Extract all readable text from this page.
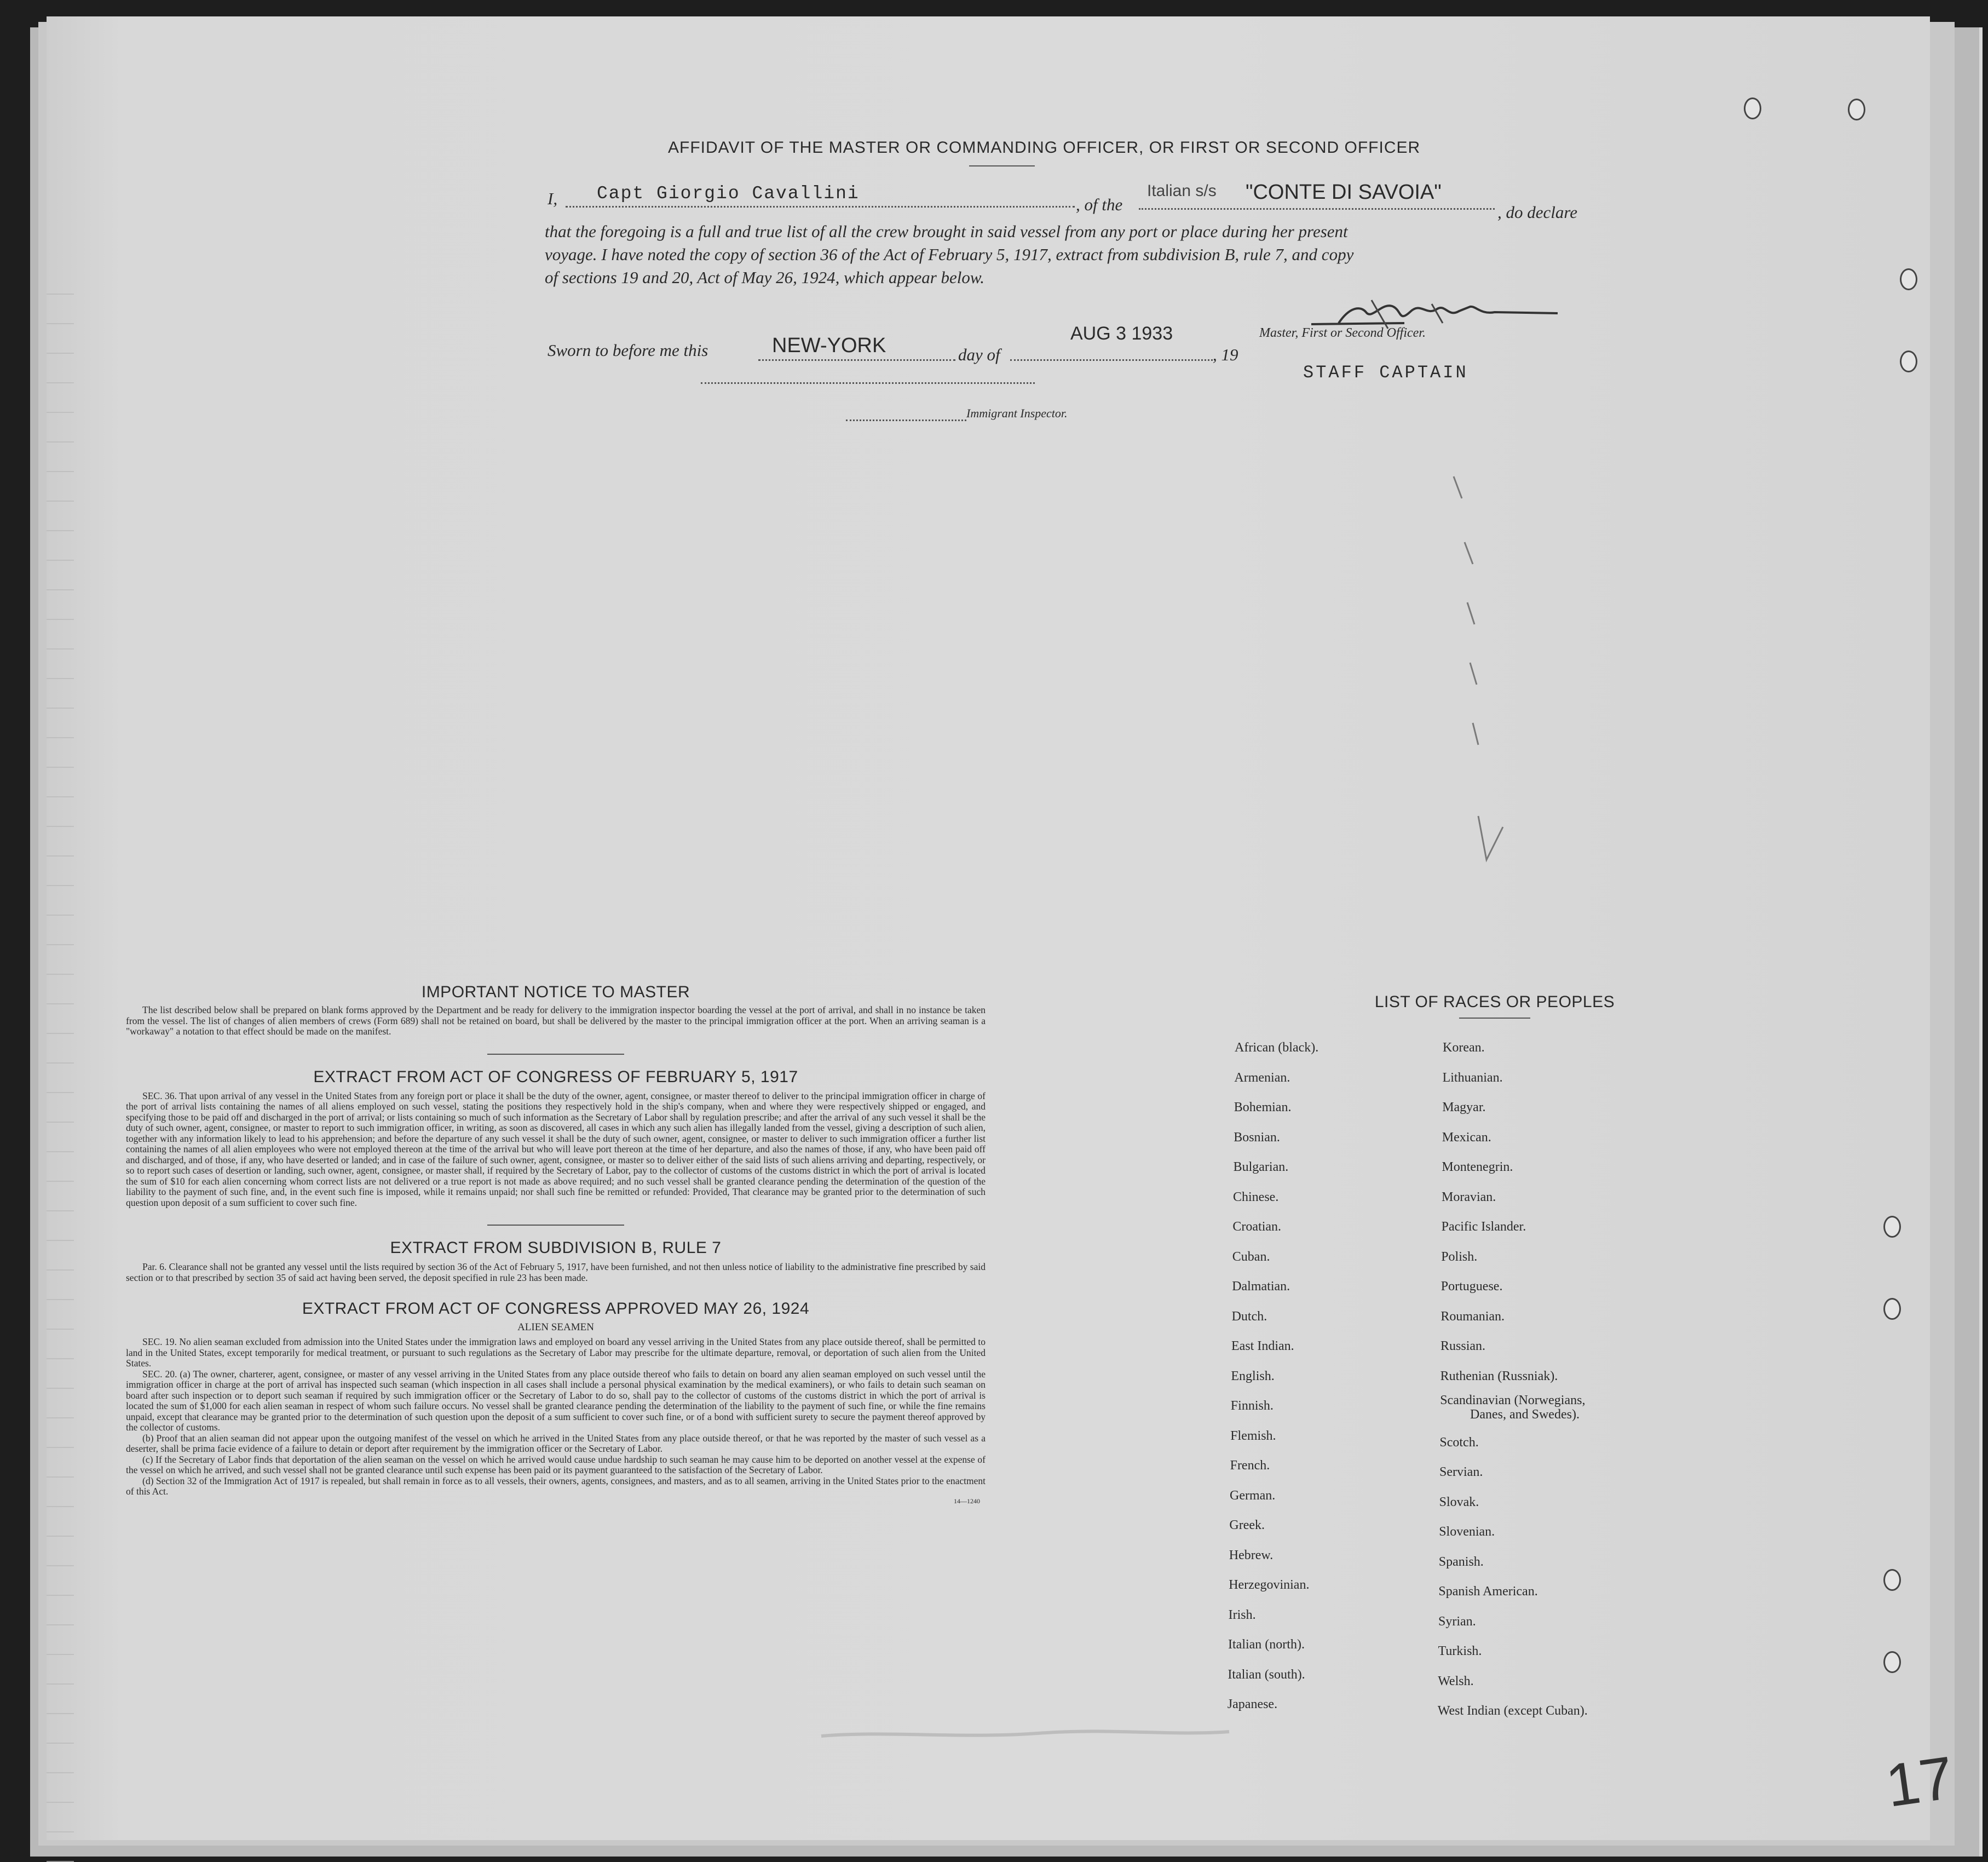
AFFIDAVIT OF THE MASTER OR COMMANDING OFFICER, OR FIRST OR SECOND OFFICER
I, Capt Giorgio Cavallini
, of the
Italian s/s "CONTE DI SAVOIA"
, do declare
that the foregoing is a full and true list of all the crew brought in said vessel from any port or place during her present
voyage. I have noted the copy of section 36 of the Act of February 5, 1917, extract from subdivision B, rule 7, and copy
of sections 19 and 20, Act of May 26, 1924, which appear below.
Master, First or Second Officer.
Sworn to before me this	NEW-YORK	day of
AUG 3 1933
, 19
STAFF CAPTAIN
Immigrant Inspector.
IMPORTANT NOTICE TO MASTER
The list described below shall be prepared on blank forms approved by the Department and be ready for delivery to the immigration inspector boarding the vessel at the port of arrival, and shall in no instance be taken from the vessel. The list of changes of alien members of crews (Form 689) shall not be retained on board, but shall be delivered by the master to the principal immigration officer at the port. When an arriving seaman is a "workaway" a notation to that effect should be made on the manifest.
EXTRACT FROM ACT OF CONGRESS OF FEBRUARY 5, 1917
SEC. 36. That upon arrival of any vessel in the United States from any foreign port or place it shall be the duty of the owner, agent, consignee, or master thereof to deliver to the principal immigration officer in charge of the port of arrival lists containing the names of all aliens employed on such vessel, stating the positions they respectively hold in the ship's company, when and where they were respectively shipped or engaged, and specifying those to be paid off and discharged in the port of arrival; or lists containing so much of such information as the Secretary of Labor shall by regulation prescribe; and after the arrival of any such vessel it shall be the duty of such owner, agent, consignee, or master to report to such immigration officer, in writing, as soon as discovered, all cases in which any such alien has illegally landed from the vessel, giving a description of such alien, together with any information likely to lead to his apprehension; and before the departure of any such vessel it shall be the duty of such owner, agent, consignee, or master to deliver to such immigration officer a further list containing the names of all alien employees who were not employed thereon at the time of the arrival but who will leave port thereon at the time of her departure, and also the names of those, if any, who have been paid off and discharged, and of those, if any, who have deserted or landed; and in case of the failure of such owner, agent, consignee, or master so to deliver either of the said lists of such aliens arriving and departing, respectively, or so to report such cases of desertion or landing, such owner, agent, consignee, or master shall, if required by the Secretary of Labor, pay to the collector of customs of the customs district in which the port of arrival is located the sum of $10 for each alien concerning whom correct lists are not delivered or a true report is not made as above required; and no such vessel shall be granted clearance pending the determination of the question of the liability to the payment of such fine, and, in the event such fine is imposed, while it remains unpaid; nor shall such fine be remitted or refunded: Provided, That clearance may be granted prior to the determination of such question upon deposit of a sum sufficient to cover such fine.
EXTRACT FROM SUBDIVISION B, RULE 7
Par. 6. Clearance shall not be granted any vessel until the lists required by section 36 of the Act of February 5, 1917, have been furnished, and not then unless notice of liability to the administrative fine prescribed by said section or to that prescribed by section 35 of said act having been served, the deposit specified in rule 23 has been made.
EXTRACT FROM ACT OF CONGRESS APPROVED MAY 26, 1924
ALIEN SEAMEN
SEC. 19. No alien seaman excluded from admission into the United States under the immigration laws and employed on board any vessel arriving in the United States from any place outside thereof, shall be permitted to land in the United States, except temporarily for medical treatment, or pursuant to such regulations as the Secretary of Labor may prescribe for the ultimate departure, removal, or deportation of such alien from the United States.
SEC. 20. (a) The owner, charterer, agent, consignee, or master of any vessel arriving in the United States from any place outside thereof who fails to detain on board any alien seaman employed on such vessel until the immigration officer in charge at the port of arrival has inspected such seaman (which inspection in all cases shall include a personal physical examination by the medical examiners), or who fails to detain such seaman on board after such inspection or to deport such seaman if required by such immigration officer or the Secretary of Labor to do so, shall pay to the collector of customs of the customs district in which the port of arrival is located the sum of $1,000 for each alien seaman in respect of whom such failure occurs. No vessel shall be granted clearance pending the determination of the liability to the payment of such fine, or while the fine remains unpaid, except that clearance may be granted prior to the determination of such question upon the deposit of a sum sufficient to cover such fine, or of a bond with sufficient surety to secure the payment thereof approved by the collector of customs.
(b) Proof that an alien seaman did not appear upon the outgoing manifest of the vessel on which he arrived in the United States from any place outside thereof, or that he was reported by the master of such vessel as a deserter, shall be prima facie evidence of a failure to detain or deport after requirement by the immigration officer or the Secretary of Labor.
(c) If the Secretary of Labor finds that deportation of the alien seaman on the vessel on which he arrived would cause undue hardship to such seaman he may cause him to be deported on another vessel at the expense of the vessel on which he arrived, and such vessel shall not be granted clearance until such expense has been paid or its payment guaranteed to the satisfaction of the Secretary of Labor.
(d) Section 32 of the Immigration Act of 1917 is repealed, but shall remain in force as to all vessels, their owners, agents, consignees, and masters, and as to all seamen, arriving in the United States prior to the enactment of this Act.
14—1240
LIST OF RACES OR PEOPLES
African (black).
Armenian.
Bohemian.
Bosnian.
Bulgarian.
Chinese.
Croatian.
Cuban.
Dalmatian.
Dutch.
East Indian.
English.
Finnish.
Flemish.
French.
German.
Greek.
Hebrew.
Herzegovinian.
Irish.
Italian (north).
Italian (south).
Japanese.
Korean.
Lithuanian.
Magyar.
Mexican.
Montenegrin.
Moravian.
Pacific Islander.
Polish.
Portuguese.
Roumanian.
Russian.
Ruthenian (Russniak).
Scandinavian (Norwegians,
Danes, and Swedes).
Scotch.
Servian.
Slovak.
Slovenian.
Spanish.
Spanish American.
Syrian.
Turkish.
Welsh.
West Indian (except Cuban).
17
